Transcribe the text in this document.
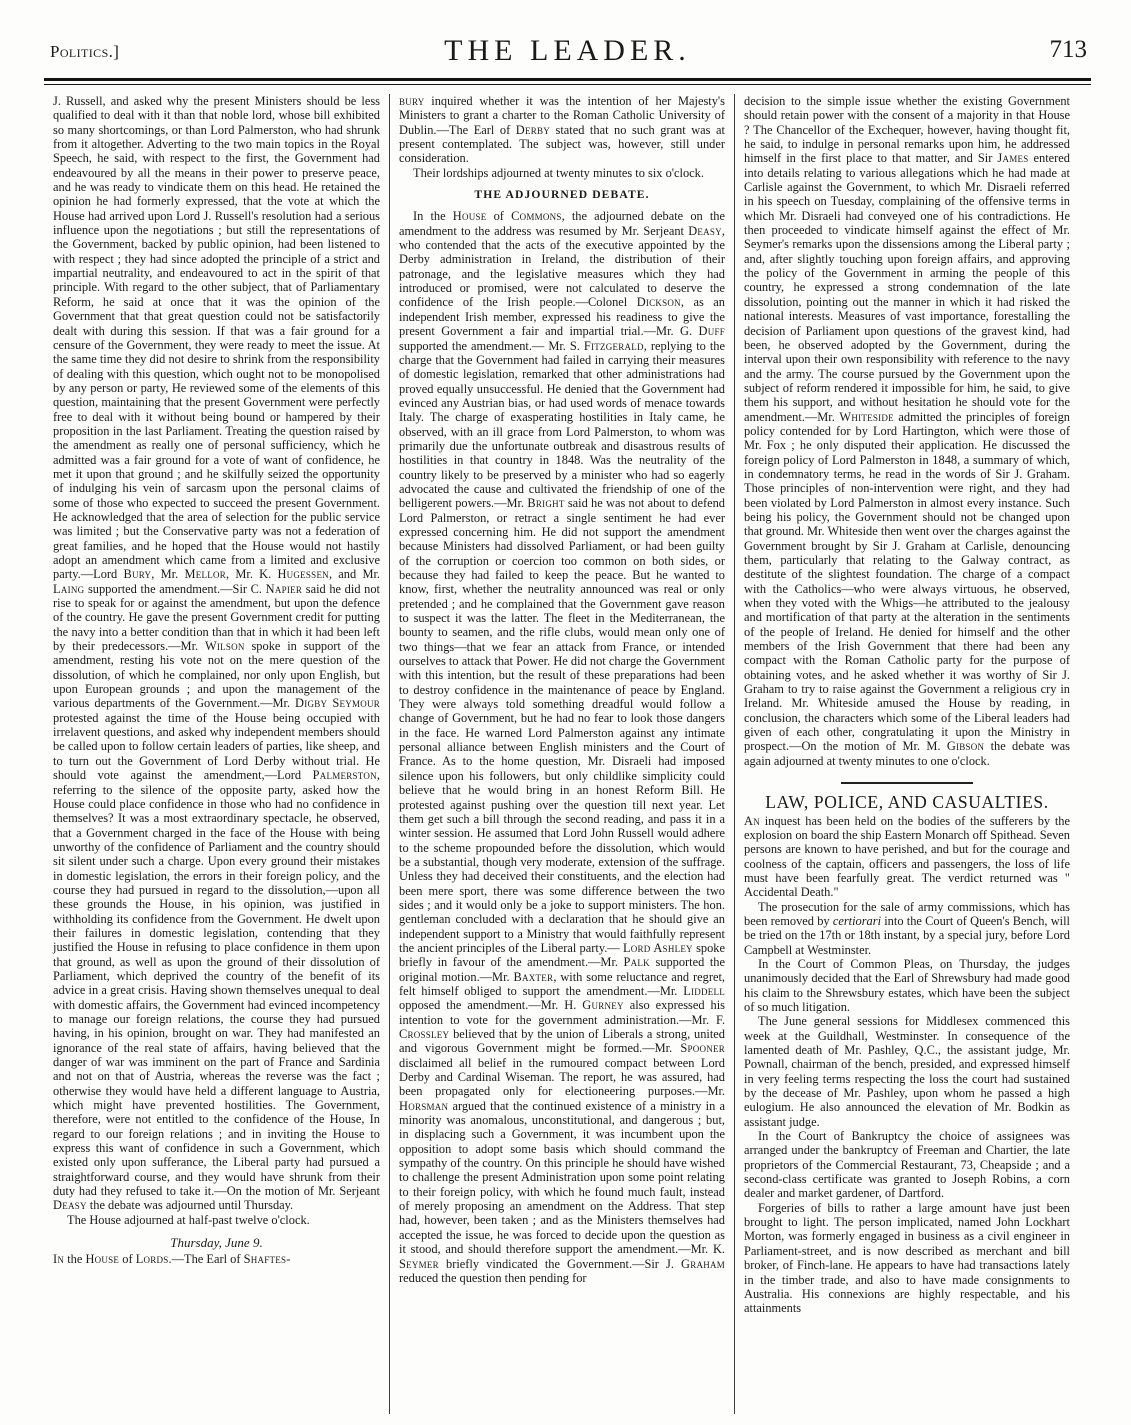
Politics.]	THE LEADER.	713

J. Russell, and asked why the present Ministers should be less qualified to deal with it than that noble lord, whose bill exhibited so many shortcomings, or than Lord Palmerston, who had shrunk from it altogether. Adverting to the two main topics in the Royal Speech, he said, with respect to the first, the Government had endeavoured by all the means in their power to preserve peace, and he was ready to vindicate them on this head. He retained the opinion he had formerly expressed, that the vote at which the House had arrived upon Lord J. Russell's resolution had a serious influence upon the negotiations ; but still the representations of the Government, backed by public opinion, had been listened to with respect ; they had since adopted the principle of a strict and impartial neutrality, and endeavoured to act in the spirit of that principle. With regard to the other subject, that of Parliamentary Reform, he said at once that it was the opinion of the Government that that great question could not be satisfactorily dealt with during this session. If that was a fair ground for a censure of the Government, they were ready to meet the issue. At the same time they did not desire to shrink from the responsibility of dealing with this question, which ought not to be monopolised by any person or party, He reviewed some of the elements of this question, maintaining that the present Government were perfectly free to deal with it without being bound or hampered by their proposition in the last Parliament. Treating the question raised by the amendment as really one of personal sufficiency, which he admitted was a fair ground for a vote of want of confidence, he met it upon that ground ; and he skilfully seized the opportunity of indulging his vein of sarcasm upon the personal claims of some of those who expected to succeed the present Government. He acknowledged that the area of selection for the public service was limited ; but the Conservative party was not a federation of great families, and he hoped that the House would not hastily adopt an amendment which came from a limited and exclusive party.—Lord Bury, Mr. Mellor, Mr. K. Hugessen, and Mr. Laing supported the amendment.—Sir C. Napier said he did not rise to speak for or against the amendment, but upon the defence of the country. He gave the present Government credit for putting the navy into a better condition than that in which it had been left by their predecessors.—Mr. Wilson spoke in support of the amendment, resting his vote not on the mere question of the dissolution, of which he complained, nor only upon English, but upon European grounds ; and upon the management of the various departments of the Government.—Mr. Digby Seymour protested against the time of the House being occupied with irrelavent questions, and asked why independent members should be called upon to follow certain leaders of parties, like sheep, and to turn out the Government of Lord Derby without trial. He should vote against the amendment,—Lord Palmerston, referring to the silence of the opposite party, asked how the House could place confidence in those who had no confidence in themselves? It was a most extraordinary spectacle, he observed, that a Government charged in the face of the House with being unworthy of the confidence of Parliament and the country should sit silent under such a charge. Upon every ground their mistakes in domestic legislation, the errors in their foreign policy, and the course they had pursued in regard to the dissolution,—upon all these grounds the House, in his opinion, was justified in withholding its confidence from the Government. He dwelt upon their failures in domestic legislation, contending that they justified the House in refusing to place confidence in them upon that ground, as well as upon the ground of their dissolution of Parliament, which deprived the country of the benefit of its advice in a great crisis. Having shown themselves unequal to deal with domestic affairs, the Government had evinced incompetency to manage our foreign relations, the course they had pursued having, in his opinion, brought on war. They had manifested an ignorance of the real state of affairs, having believed that the danger of war was imminent on the part of France and Sardinia and not on that of Austria, whereas the reverse was the fact ; otherwise they would have held a different language to Austria, which might have prevented hostilities. The Government, therefore, were not entitled to the confidence of the House, In regard to our foreign relations ; and in inviting the House to express this want of confidence in such a Government, which existed only upon sufferance, the Liberal party had pursued a straightforward course, and they would have shrunk from their duty had they refused to take it.—On the motion of Mr. Serjeant Deasy the debate was adjourned until Thursday.

The House adjourned at half-past twelve o'clock.

Thursday, June 9.

In the House of Lords.—The Earl of Shaftes-

bury inquired whether it was the intention of her Majesty's Ministers to grant a charter to the Roman Catholic University of Dublin.—The Earl of Derby stated that no such grant was at present contemplated. The subject was, however, still under consideration.

Their lordships adjourned at twenty minutes to six o'clock.

THE ADJOURNED DEBATE.

In the House of Commons, the adjourned debate on the amendment to the address was resumed by Mr. Serjeant Deasy, who contended that the acts of the executive appointed by the Derby administration in Ireland, the distribution of their patronage, and the legislative measures which they had introduced or promised, were not calculated to deserve the confidence of the Irish people.—Colonel Dickson, as an independent Irish member, expressed his readiness to give the present Government a fair and impartial trial.—Mr. G. Duff supported the amendment.— Mr. S. Fitzgerald, replying to the charge that the Government had failed in carrying their measures of domestic legislation, remarked that other administrations had proved equally unsuccessful. He denied that the Government had evinced any Austrian bias, or had used words of menace towards Italy. The charge of exasperating hostilities in Italy came, he observed, with an ill grace from Lord Palmerston, to whom was primarily due the unfortunate outbreak and disastrous results of hostilities in that country in 1848. Was the neutrality of the country likely to be preserved by a minister who had so eagerly advocated the cause and cultivated the friendship of one of the belligerent powers.—Mr. Bright said he was not about to defend Lord Palmerston, or retract a single sentiment he had ever expressed concerning him. He did not support the amendment because Ministers had dissolved Parliament, or had been guilty of the corruption or coercion too common on both sides, or because they had failed to keep the peace. But he wanted to know, first, whether the neutrality announced was real or only pretended ; and he complained that the Government gave reason to suspect it was the latter. The fleet in the Mediterranean, the bounty to seamen, and the rifle clubs, would mean only one of two things—that we fear an attack from France, or intended ourselves to attack that Power. He did not charge the Government with this intention, but the result of these preparations had been to destroy confidence in the maintenance of peace by England. They were always told something dreadful would follow a change of Government, but he had no fear to look those dangers in the face. He warned Lord Palmerston against any intimate personal alliance between English ministers and the Court of France. As to the home question, Mr. Disraeli had imposed silence upon his followers, but only childlike simplicity could believe that he would bring in an honest Reform Bill. He protested against pushing over the question till next year. Let them get such a bill through the second reading, and pass it in a winter session. He assumed that Lord John Russell would adhere to the scheme propounded before the dissolution, which would be a substantial, though very moderate, extension of the suffrage. Unless they had deceived their constituents, and the election had been mere sport, there was some difference between the two sides ; and it would only be a joke to support ministers. The hon. gentleman concluded with a declaration that he should give an independent support to a Ministry that would faithfully represent the ancient principles of the Liberal party.— Lord Ashley spoke briefly in favour of the amendment.—Mr. Palk supported the original motion.—Mr. Baxter, with some reluctance and regret, felt himself obliged to support the amendment.—Mr. Liddell opposed the amendment.—Mr. H. Gurney also expressed his intention to vote for the government administration.—Mr. F. Crossley believed that by the union of Liberals a strong, united and vigorous Government might be formed.—Mr. Spooner disclaimed all belief in the rumoured compact between Lord Derby and Cardinal Wiseman. The report, he was assured, had been propagated only for electioneering purposes.—Mr. Horsman argued that the continued existence of a ministry in a minority was anomalous, unconstitutional, and dangerous ; but, in displacing such a Government, it was incumbent upon the opposition to adopt some basis which should command the sympathy of the country. On this principle he should have wished to challenge the present Administration upon some point relating to their foreign policy, with which he found much fault, instead of merely proposing an amendment on the Address. That step had, however, been taken ; and as the Ministers themselves had accepted the issue, he was forced to decide upon the question as it stood, and should therefore support the amendment.—Mr. K. Seymer briefly vindicated the Government.—Sir J. Graham reduced the question then pending for

decision to the simple issue whether the existing Government should retain power with the consent of a majority in that House ? The Chancellor of the Exchequer, however, having thought fit, he said, to indulge in personal remarks upon him, he addressed himself in the first place to that matter, and Sir James entered into details relating to various allegations which he had made at Carlisle against the Government, to which Mr. Disraeli referred in his speech on Tuesday, complaining of the offensive terms in which Mr. Disraeli had conveyed one of his contradictions. He then proceeded to vindicate himself against the effect of Mr. Seymer's remarks upon the dissensions among the Liberal party ; and, after slightly touching upon foreign affairs, and approving the policy of the Government in arming the people of this country, he expressed a strong condemnation of the late dissolution, pointing out the manner in which it had risked the national interests. Measures of vast importance, forestalling the decision of Parliament upon questions of the gravest kind, had been, he observed adopted by the Government, during the interval upon their own responsibility with reference to the navy and the army. The course pursued by the Government upon the subject of reform rendered it impossible for him, he said, to give them his support, and without hesitation he should vote for the amendment.—Mr. Whiteside admitted the principles of foreign policy contended for by Lord Hartington, which were those of Mr. Fox ; he only disputed their application. He discussed the foreign policy of Lord Palmerston in 1848, a summary of which, in condemnatory terms, he read in the words of Sir J. Graham. Those principles of non-intervention were right, and they had been violated by Lord Palmerston in almost every instance. Such being his policy, the Government should not be changed upon that ground. Mr. Whiteside then went over the charges against the Government brought by Sir J. Graham at Carlisle, denouncing them, particularly that relating to the Galway contract, as destitute of the slightest foundation. The charge of a compact with the Catholics—who were always virtuous, he observed, when they voted with the Whigs—he attributed to the jealousy and mortification of that party at the alteration in the sentiments of the people of Ireland. He denied for himself and the other members of the Irish Government that there had been any compact with the Roman Catholic party for the purpose of obtaining votes, and he asked whether it was worthy of Sir J. Graham to try to raise against the Government a religious cry in Ireland. Mr. Whiteside amused the House by reading, in conclusion, the characters which some of the Liberal leaders had given of each other, congratulating it upon the Ministry in prospect.—On the motion of Mr. M. Gibson the debate was again adjourned at twenty minutes to one o'clock.

LAW, POLICE, AND CASUALTIES.

An inquest has been held on the bodies of the sufferers by the explosion on board the ship Eastern Monarch off Spithead. Seven persons are known to have perished, and but for the courage and coolness of the captain, officers and passengers, the loss of life must have been fearfully great. The verdict returned was " Accidental Death."

The prosecution for the sale of army commissions, which has been removed by certiorari into the Court of Queen's Bench, will be tried on the 17th or 18th instant, by a special jury, before Lord Campbell at Westminster.

In the Court of Common Pleas, on Thursday, the judges unanimously decided that the Earl of Shrewsbury had made good his claim to the Shrewsbury estates, which have been the subject of so much litigation.

The June general sessions for Middlesex commenced this week at the Guildhall, Westminster. In consequence of the lamented death of Mr. Pashley, Q.C., the assistant judge, Mr. Pownall, chairman of the bench, presided, and expressed himself in very feeling terms respecting the loss the court had sustained by the decease of Mr. Pashley, upon whom he passed a high eulogium. He also announced the elevation of Mr. Bodkin as assistant judge.

In the Court of Bankruptcy the choice of assignees was arranged under the bankruptcy of Freeman and Chartier, the late proprietors of the Commercial Restaurant, 73, Cheapside ; and a second-class certificate was granted to Joseph Robins, a corn dealer and market gardener, of Dartford.

Forgeries of bills to rather a large amount have just been brought to light. The person implicated, named John Lockhart Morton, was formerly engaged in business as a civil engineer in Parliament-street, and is now described as merchant and bill broker, of Finch-lane. He appears to have had transactions lately in the timber trade, and also to have made consignments to Australia. His connexions are highly respectable, and his attainments
